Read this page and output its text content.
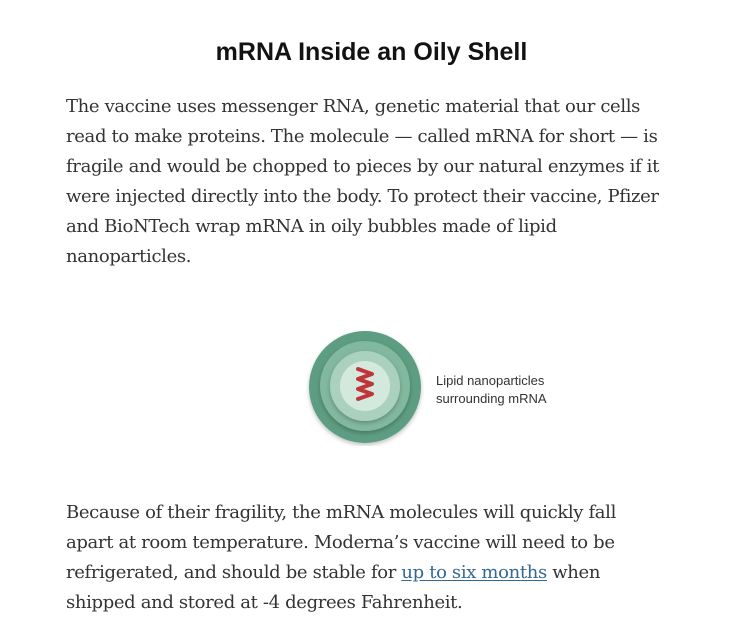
mRNA Inside an Oily Shell

The vaccine uses messenger RNA, genetic material that our cells
read to make proteins. The molecule — called mRNA for short — is
fragile and would be chopped to pieces by our natural enzymes if it
were injected directly into the body. To protect their vaccine, Pfizer
and BioNTech wrap mRNA in oily bubbles made of lipid
nanoparticles.

Lipid nanoparticles
surrounding mRNA

Because of their fragility, the mRNA molecules will quickly fall
apart at room temperature. Moderna’s vaccine will need to be
refrigerated, and should be stable for up to six months when
shipped and stored at -4 degrees Fahrenheit.
